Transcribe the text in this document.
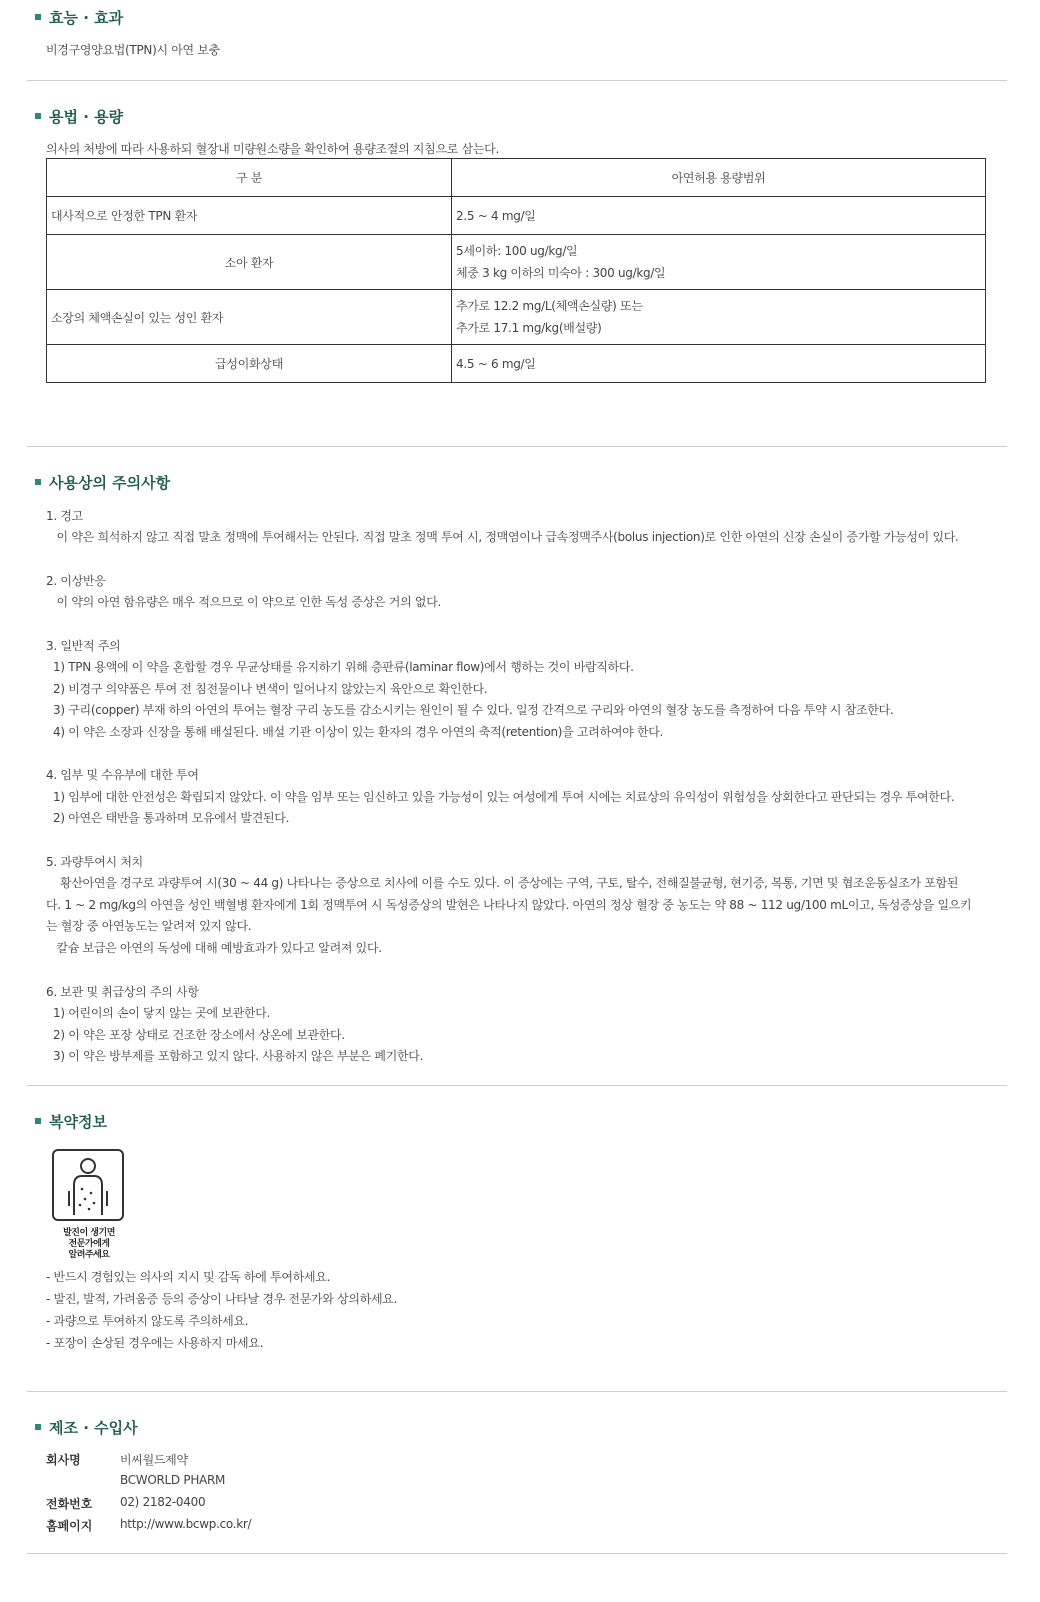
효능 · 효과
비경구영양요법(TPN)시 아연 보충
용법 · 용량
의사의 처방에 따라 사용하되 혈장내 미량원소량을 확인하여 용량조절의 지침으로 삼는다.
구 분	아연허용 용량범위
대사적으로 안정한 TPN 환자	2.5 ~ 4 mg/일
소아 환자	5세이하: 100 ug/kg/일
체중 3 kg 이하의 미숙아 : 300 ug/kg/일

소장의 체액손실이 있는 성인 환자	추가로 12.2 mg/L(체액손실량) 또는
추가로 17.1 mg/kg(배설량)

급성이화상태	4.5 ~ 6 mg/일
사용상의 주의사항
1. 경고
이 약은 희석하지 않고 직접 말초 정맥에 투여해서는 안된다. 직접 말초 정맥 투여 시, 정맥염이나 급속정맥주사(bolus injection)로 인한 아연의 신장 손실이 증가할 가능성이 있다.
2. 이상반응
이 약의 아연 함유량은 매우 적으므로 이 약으로 인한 독성 증상은 거의 없다.
3. 일반적 주의
1) TPN 용액에 이 약을 혼합할 경우 무균상태를 유지하기 위해 층판류(laminar flow)에서 행하는 것이 바람직하다.
2) 비경구 의약품은 투여 전 침전물이나 변색이 일어나지 않았는지 육안으로 확인한다.
3) 구리(copper) 부재 하의 아연의 투여는 혈장 구리 농도를 감소시키는 원인이 될 수 있다. 일정 간격으로 구리와 아연의 혈장 농도를 측정하여 다음 투약 시 참조한다.
4) 이 약은 소장과 신장을 통해 배설된다. 배설 기관 이상이 있는 환자의 경우 아연의 축적(retention)을 고려하여야 한다.
4. 임부 및 수유부에 대한 투여
1) 임부에 대한 안전성은 확립되지 않았다. 이 약을 임부 또는 임신하고 있을 가능성이 있는 여성에게 투여 시에는 치료상의 유익성이 위험성을 상회한다고 판단되는 경우 투여한다.
2) 아연은 태반을 통과하며 모유에서 발견된다.
5. 과량투여시 처치
황산아연을 경구로 과량투여 시(30 ~ 44 g) 나타나는 증상으로 치사에 이를 수도 있다. 이 증상에는 구역, 구토, 탈수, 전해질불균형, 현기증, 복통, 기면 및 협조운동실조가 포함된
다. 1 ~ 2 mg/kg의 아연을 성인 백혈병 환자에게 1회 정맥투여 시 독성증상의 발현은 나타나지 않았다. 아연의 정상 혈장 중 농도는 약 88 ~ 112 ug/100 mL이고, 독성증상을 일으키
는 혈장 중 아연농도는 알려져 있지 않다.
칼슘 보급은 아연의 독성에 대해 예방효과가 있다고 알려져 있다.
6. 보관 및 취급상의 주의 사항
1) 어린이의 손이 닿지 않는 곳에 보관한다.
2) 이 약은 포장 상태로 건조한 장소에서 상온에 보관한다.
3) 이 약은 방부제를 포함하고 있지 않다. 사용하지 않은 부분은 폐기한다.
복약정보
발진이 생기면
전문가에게
알려주세요
- 반드시 경험있는 의사의 지시 및 감독 하에 투여하세요.
- 발진, 발적, 가려움증 등의 증상이 나타날 경우 전문가와 상의하세요.
- 과량으로 투여하지 않도록 주의하세요.
- 포장이 손상된 경우에는 사용하지 마세요.
제조 · 수입사
회사명	비씨월드제약
BCWORLD PHARM
전화번호 02) 2182-0400
홈페이지 http://www.bcwp.co.kr/
